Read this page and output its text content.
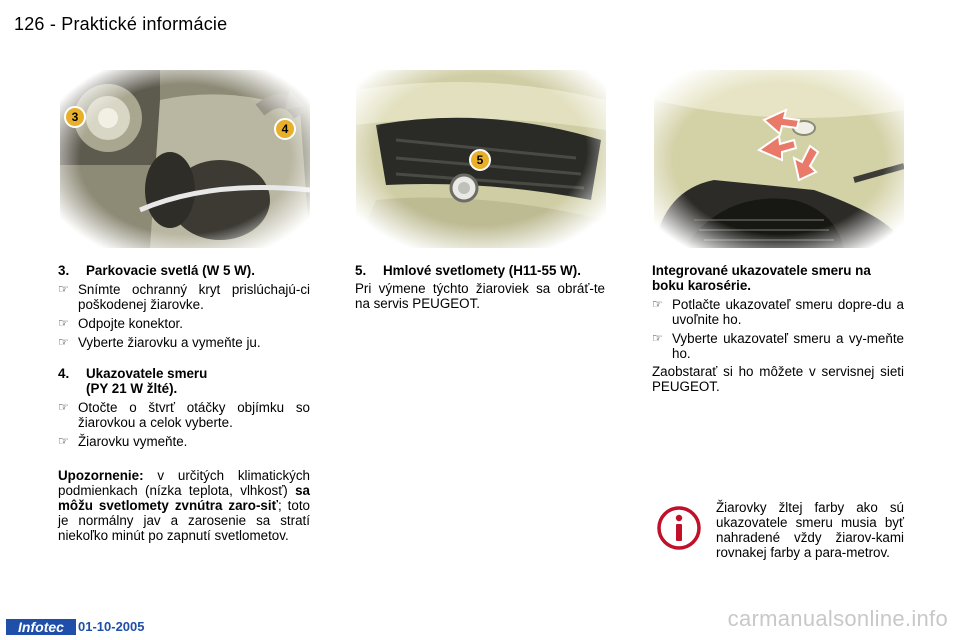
126 - Praktické informácie
3
4
5
3.	Parkovacie svetlá (W 5 W).
☞ Snímte ochranný kryt prislúchajú-ci poškodenej žiarovke.
☞ Odpojte konektor.
☞ Vyberte žiarovku a vymeňte ju.
4.	Ukazovatele smeru
(PY 21 W žlté).
☞ Otočte o štvrť otáčky objímku so žiarovkou a celok vyberte.
☞ Žiarovku vymeňte.
Upozornenie: v určitých klimatických podmienkach (nízka teplota, vlhkosť) sa môžu svetlomety zvnútra zaro-siť; toto je normálny jav a zarosenie sa stratí niekoľko minút po zapnutí svetlometov.
5.	Hmlové svetlomety (H11-55 W).
Pri výmene týchto žiaroviek sa obráť-te na servis PEUGEOT.
Integrované ukazovatele smeru na boku karosérie.
☞ Potlačte ukazovateľ smeru dopre-du a uvoľnite ho.
☞ Vyberte ukazovateľ smeru a vy-meňte ho.
Zaobstarať si ho môžete v servisnej sieti PEUGEOT.
Žiarovky žltej farby ako sú ukazovatele smeru musia byť nahradené vždy žiarov-kami rovnakej farby a para-metrov.
Infotec	01-10-2005	carmanualsonline.info
